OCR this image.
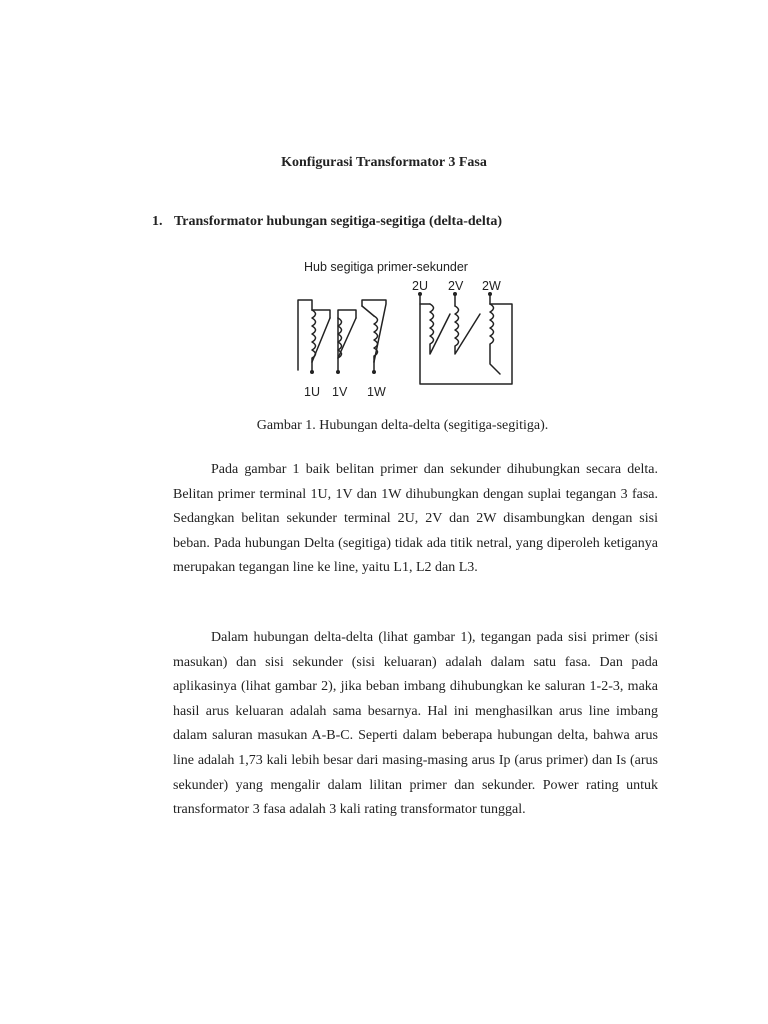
Konfigurasi Transformator 3 Fasa
1. Transformator hubungan segitiga-segitiga (delta-delta)
Hub segitiga primer-sekunder
1U 1V 1W
2U 2V 2W
Gambar 1. Hubungan delta-delta (segitiga-segitiga).

Pada gambar 1 baik belitan primer dan sekunder dihubungkan secara delta. Belitan primer terminal 1U, 1V dan 1W dihubungkan dengan suplai tegangan 3 fasa. Sedangkan belitan sekunder terminal 2U, 2V dan 2W disambungkan dengan sisi beban. Pada hubungan Delta (segitiga) tidak ada titik netral, yang diperoleh ketiganya merupakan tegangan line ke line, yaitu L1, L2 dan L3.

Dalam hubungan delta-delta (lihat gambar 1), tegangan pada sisi primer (sisi masukan) dan sisi sekunder (sisi keluaran) adalah dalam satu fasa. Dan pada aplikasinya (lihat gambar 2), jika beban imbang dihubungkan ke saluran 1-2-3, maka hasil arus keluaran adalah sama besarnya. Hal ini menghasilkan arus line imbang dalam saluran masukan A-B-C. Seperti dalam beberapa hubungan delta, bahwa arus line adalah 1,73 kali lebih besar dari masing-masing arus Ip (arus primer) dan Is (arus sekunder) yang mengalir dalam lilitan primer dan sekunder. Power rating untuk transformator 3 fasa adalah 3 kali rating transformator tunggal.
